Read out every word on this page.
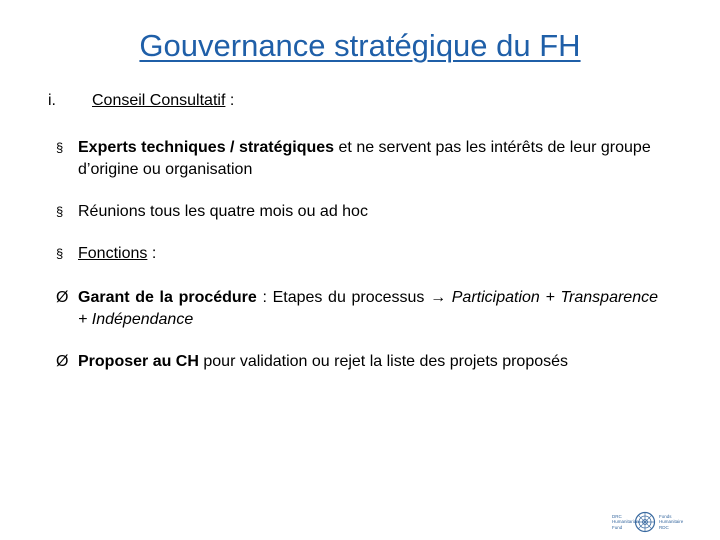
Gouvernance stratégique du FH
i. Conseil Consultatif :
§ Experts techniques / stratégiques et ne servent pas les intérêts de leur groupe d’origine ou organisation
§ Réunions tous les quatre mois ou ad hoc
§ Fonctions :
Ø Garant de la procédure : Etapes du processus → Participation + Transparence + Indépendance
Ø Proposer au CH pour validation ou rejet la liste des projets proposés
DRC
Humanitarian
Fund
Fonds
Humanitaire
RDC
